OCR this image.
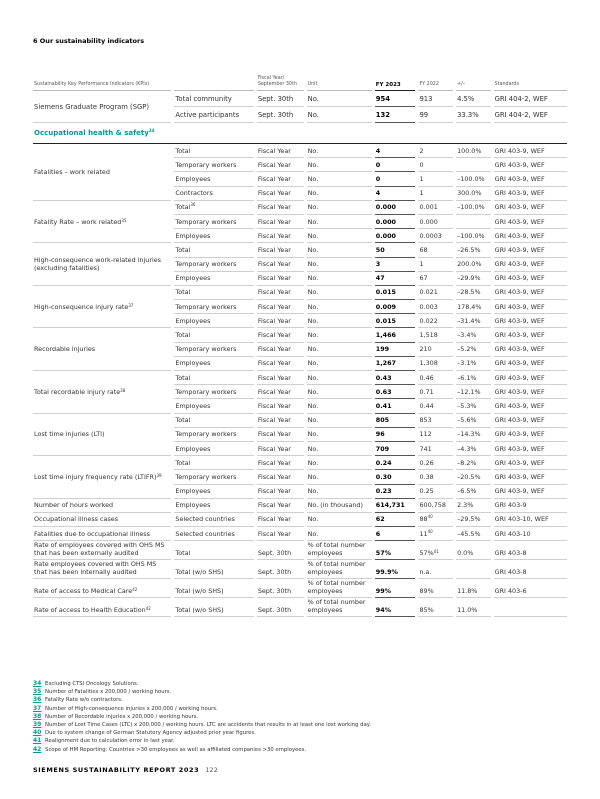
6 Our sustainability indicators
Sustainability Key Performance Indicators (KPIs)		Fiscal Year/ September 30th	Unit	FY 2023	FY 2022	+/–	Standards
Siemens Graduate Program (SGP)	Total community	Sept. 30th	No.	954	913	4.5%	GRI 404-2, WEF
	Active participants	Sept. 30th	No.	132	99	33.3%	GRI 404-2, WEF
Occupational health & safety$^{34}$
Fatalities – work related	Total	Fiscal Year	No.	4	2	100.0%	GRI 403-9, WEF
	Temporary workers	Fiscal Year	No.	0	0		GRI 403-9, WEF
	Employees	Fiscal Year	No.	0	1	–100.0%	GRI 403-9, WEF
	Contractors	Fiscal Year	No.	4	1	300.0%	GRI 403-9, WEF
Fatality Rate – work related$^{35}$	Total$^{36}$	Fiscal Year	No.	0.000	0.001	–100.0%	GRI 403-9, WEF
	Temporary workers	Fiscal Year	No.	0.000	0.000		GRI 403-9, WEF
	Employees	Fiscal Year	No.	0.000	0.0003	–100.0%	GRI 403-9, WEF
High-consequence work-related injuries (excluding fatalities)	Total	Fiscal Year	No.	50	68	–26.5%	GRI 403-9, WEF
	Temporary workers	Fiscal Year	No.	3	1	200.0%	GRI 403-9, WEF
	Employees	Fiscal Year	No.	47	67	–29.9%	GRI 403-9, WEF
High-consequence injury rate$^{37}$	Total	Fiscal Year	No.	0.015	0.021	–28.5%	GRI 403-9, WEF
	Temporary workers	Fiscal Year	No.	0.009	0.003	178.4%	GRI 403-9, WEF
	Employees	Fiscal Year	No.	0.015	0.022	–31.4%	GRI 403-9, WEF
Recordable injuries	Total	Fiscal Year	No.	1,466	1,518	–3.4%	GRI 403-9, WEF
	Temporary workers	Fiscal Year	No.	199	210	–5.2%	GRI 403-9, WEF
	Employees	Fiscal Year	No.	1,267	1,308	–3.1%	GRI 403-9, WEF
Total recordable injury rate$^{38}$	Total	Fiscal Year	No.	0.43	0.46	–6.1%	GRI 403-9, WEF
	Temporary workers	Fiscal Year	No.	0.63	0.71	–12.1%	GRI 403-9, WEF
	Employees	Fiscal Year	No.	0.41	0.44	–5.3%	GRI 403-9, WEF
Lost time injuries (LTI)	Total	Fiscal Year	No.	805	853	–5.6%	GRI 403-9, WEF
	Temporary workers	Fiscal Year	No.	96	112	–14.3%	GRI 403-9, WEF
	Employees	Fiscal Year	No.	709	741	–4.3%	GRI 403-9, WEF
Lost time injury frequency rate (LTIFR)$^{39}$	Total	Fiscal Year	No.	0.24	0.26	–8.2%	GRI 403-9, WEF
	Temporary workers	Fiscal Year	No.	0.30	0.38	–20.5%	GRI 403-9, WEF
	Employees	Fiscal Year	No.	0.23	0.25	–6.5%	GRI 403-9, WEF
Number of hours worked	Employees	Fiscal Year	No. (in thousand)	614,731	600,758	2.3%	GRI 403-9
Occupational illness cases	Selected countries	Fiscal Year	No.	62	$88^{40}$	–29.5%	GRI 403-10, WEF
Fatalities due to occupational illness	Selected countries	Fiscal Year	No.	6	$11^{40}$	–45.5%	GRI 403-10
Rate of employees covered with OHS MS that has been externally audited	Total	Sept. 30th	% of total number employees	57%	57%$^{41}$	0.0%	GRI 403-8
Rate employees covered with OHS MS that has been internally audited	Total (w/o SHS)	Sept. 30th	% of total number employees	99.9%	n.a.		GRI 403-8
Rate of access to Medical Care$^{42}$	Total (w/o SHS)	Sept. 30th	% of total number employees	99%	89%	11.8%	GRI 403-6
Rate of access to Health Education$^{42}$	Total (w/o SHS)	Sept. 30th	% of total number employees	94%	85%	11.0%	
34 Excluding CTSI Oncology Solutions.
35 Number of Fatalities x 200,000 / working hours.
36 Fatality Rate w/o contractors.
37 Number of High-consequence injuries x 200,000 / working hours.
38 Number of Recordable injuries x 200,000 / working hours.
39 Number of Lost Time Cases (LTC) x 200,000 / working hours. LTC are accidents that results in at least one lost working day.
40 Due to system change of German Statutory Agency adjusted prior year figures.
41 Realignment due to calculation error in last year.
42 Scope of HM Reporting: Countries >30 employees as well as affiliated companies >30 employees.
SIEMENS SUSTAINABILITY REPORT 2023 122
